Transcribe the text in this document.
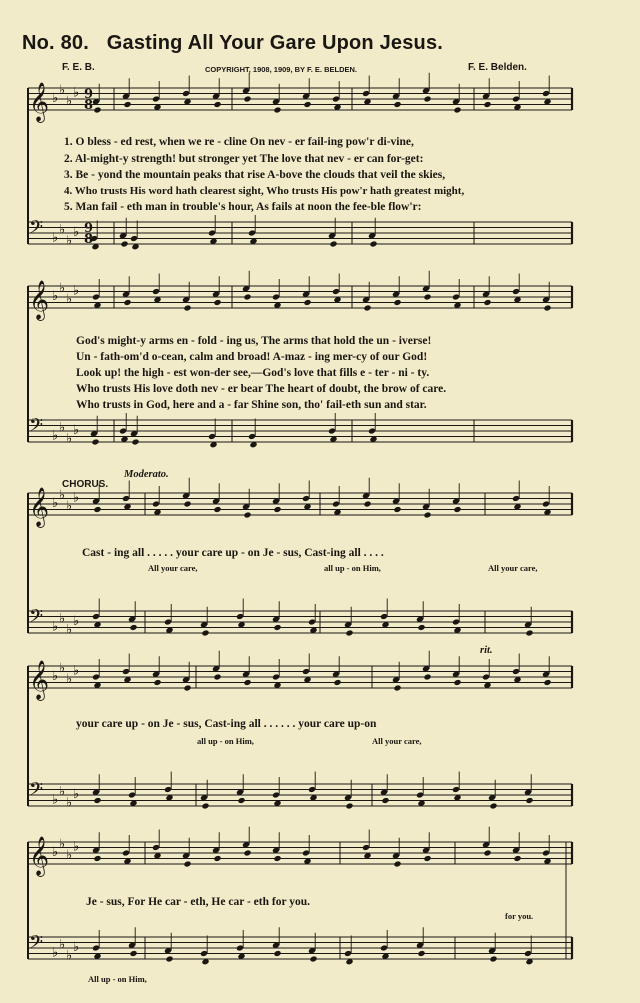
No. 80. Gasting All Your Gare Upon Jesus.
F. E. B.	COPYRIGHT, 1908, 1909, BY F. E. BELDEN.	F. E. Belden.
𝄞 ♭
♭
♭
♭
𝄢 ♭
♭
♭
♭
𝄞 ♭
♭
♭
♭
𝄢 ♭
♭
♭
♭
𝄞 ♭
♭
♭
♭
𝄢 ♭
♭
♭
♭
𝄞 ♭
♭
♭
♭
𝄢 ♭
♭
♭
♭
𝄞 ♭
♭
♭
♭
𝄢 ♭
♭
♭
♭
9
8
9
8
1. O bless - ed rest, when we re - cline On nev - er fail-ing pow'r di-vine,
2. Al-might-y strength! but stronger yet The love that nev - er can for-get:
3. Be - yond the mountain peaks that rise A-bove the clouds that veil the skies,
4. Who trusts His word hath clearest sight, Who trusts His pow'r hath greatest might,
5. Man fail - eth man in trouble's hour, As fails at noon the fee-ble flow'r:
God's might-y arms en - fold - ing us, The arms that hold the un - iverse!
Un - fath-om'd o-cean, calm and broad! A-maz - ing mer-cy of our God!
Look up! the high - est won-der see,—God's love that fills e - ter - ni - ty.
Who trusts His love doth nev - er bear The heart of doubt, the brow of care.
Who trusts in God, here and a - far Shine son, tho' fail-eth sun and star.
CHORUS.
Moderato.
Cast - ing all . . . . . your care up - on Je - sus, Cast-ing all . . . .
All your care,	all up - on Him,	All your care,
rit.
your care up - on Je - sus, Cast-ing all . . . . . . your care up-on
all up - on Him,	All your care,
Je - sus, For He car - eth, He car - eth for you.
All up - on Him,
for you.
